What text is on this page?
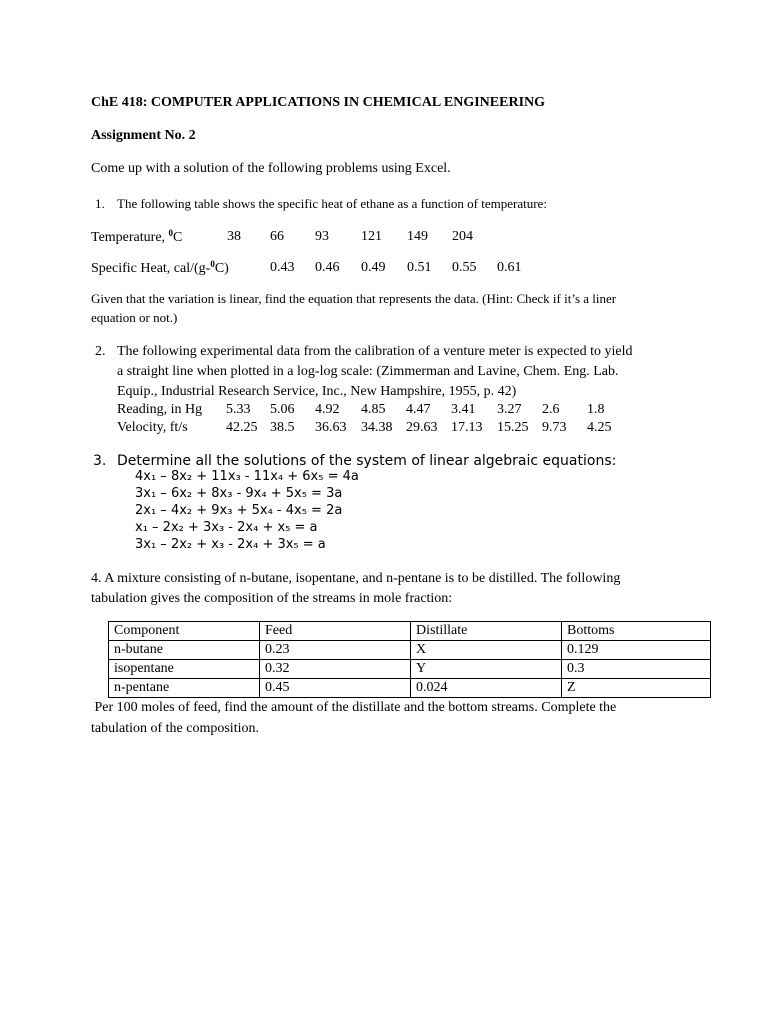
ChE 418: COMPUTER APPLICATIONS IN CHEMICAL ENGINEERING
Assignment No. 2
Come up with a solution of the following problems using Excel.
1. The following table shows the specific heat of ethane as a function of temperature:
Temperature, $^0$C	38 66 93 121 149 204
Specific Heat, cal/(g-$^0$C)	0.43 0.46 0.49 0.51 0.55 0.61
Given that the variation is linear, find the equation that represents the data. (Hint: Check if it’s a liner
equation or not.)
2. The following experimental data from the calibration of a venture meter is expected to yield
a straight line when plotted in a log-log scale: (Zimmerman and Lavine, Chem. Eng. Lab.
Equip., Industrial Research Service, Inc., New Hampshire, 1955, p. 42)
Reading, in Hg 5.33 5.06 4.92 4.85 4.47 3.41 3.27 2.6 1.8
Velocity, ft/s	42.25 38.5 36.63 34.38 29.63 17.13 15.25 9.73 4.25
3. Determine all the solutions of the system of linear algebraic equations:
4x₁ – 8x₂ + 11x₃ - 11x₄ + 6x₅ = 4a
3x₁ – 6x₂ + 8x₃ - 9x₄ + 5x₅ = 3a
2x₁ – 4x₂ + 9x₃ + 5x₄ - 4x₅ = 2a
x₁ – 2x₂ + 3x₃ - 2x₄ + x₅ = a
3x₁ – 2x₂ + x₃ - 2x₄ + 3x₅ = a
4. A mixture consisting of n-butane, isopentane, and n-pentane is to be distilled. The following
tabulation gives the composition of the streams in mole fraction:
Component	Feed	Distillate	Bottoms
n-butane	0.23	X	0.129
isopentane	0.32	Y	0.3
n-pentane	0.45	0.024	Z
Per 100 moles of feed, find the amount of the distillate and the bottom streams. Complete the
tabulation of the composition.
